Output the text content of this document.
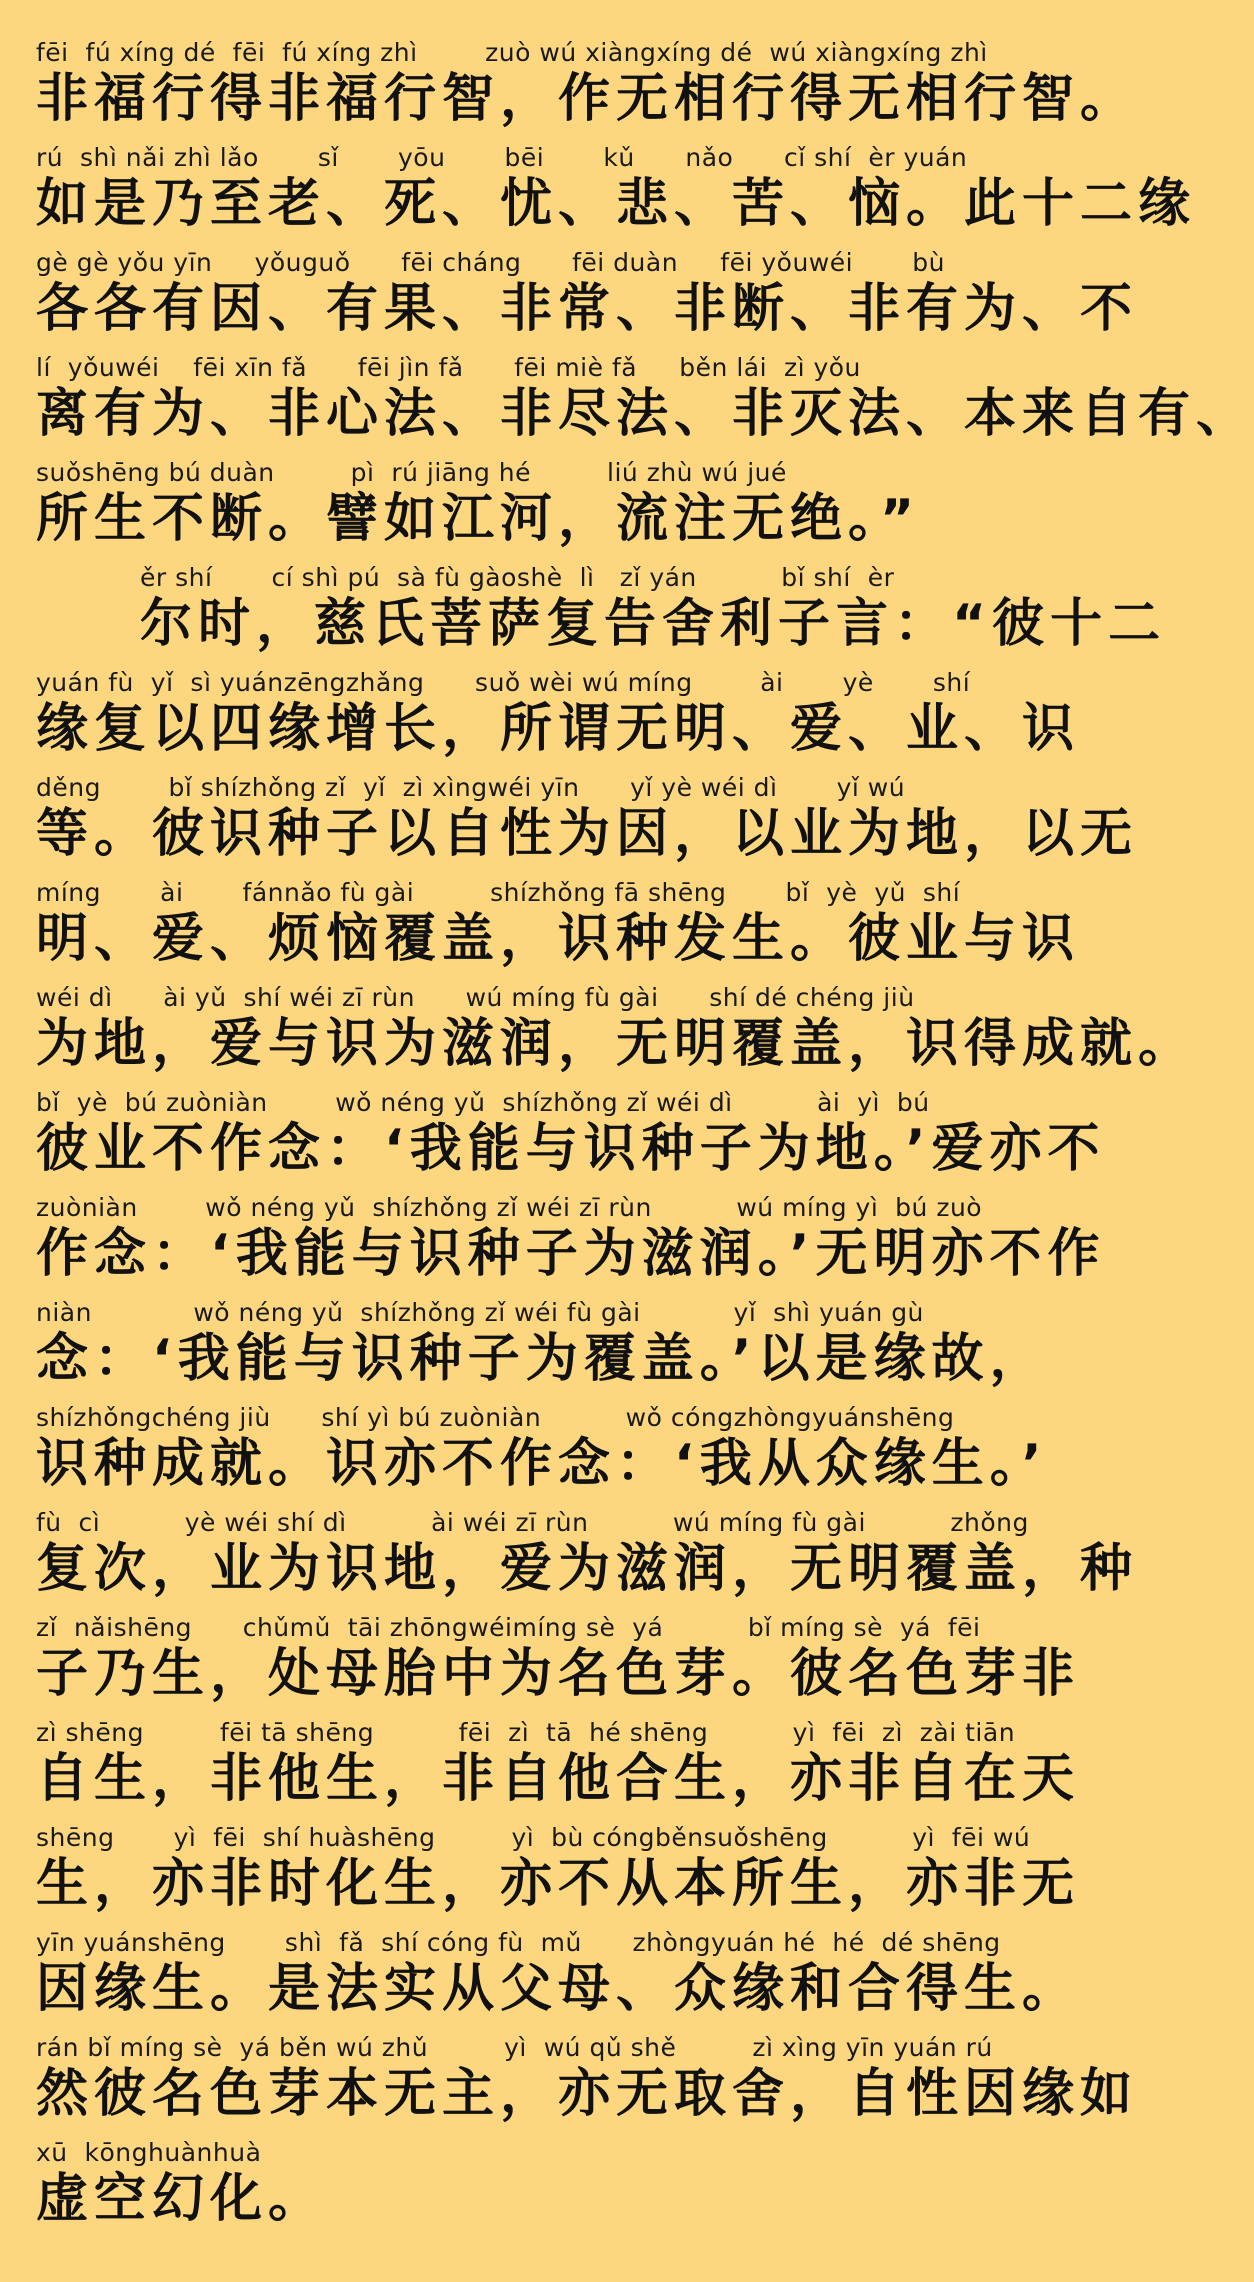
fēi  fú xíng dé  fēi  fú xíng zhì        zuò wú xiàngxíng dé  wú xiàngxíng zhì
非福行得非福行智，作无相行得无相行智。
rú  shì nǎi zhì lǎo       sǐ       yōu       bēi       kǔ      nǎo      cǐ shí  èr yuán
如是乃至老、死、忧、悲、苦、恼。此十二缘
gè gè yǒu yīn     yǒuguǒ      fēi cháng      fēi duàn     fēi yǒuwéi       bù
各各有因、有果、非常、非断、非有为、不
lí  yǒuwéi    fēi xīn fǎ      fēi jìn fǎ      fēi miè fǎ     běn lái  zì yǒu
离有为、非心法、非尽法、非灭法、本来自有、
suǒshēng bú duàn         pì  rú jiāng hé         liú zhù wú jué
所生不断。譬如江河，流注无绝。”
ěr shí       cí shì pú  sà fù gàoshè  lì   zǐ yán          bǐ shí  èr
尔时，慈氏菩萨复告舍利子言：“彼十二
yuán fù  yǐ  sì yuánzēngzhǎng      suǒ wèi wú míng        ài       yè       shí
缘复以四缘增长，所谓无明、爱、业、识
děng        bǐ shízhǒng zǐ  yǐ  zì xìngwéi yīn      yǐ yè wéi dì       yǐ wú
等。彼识种子以自性为因，以业为地，以无
míng       ài       fánnǎo fù gài         shízhǒng fā shēng       bǐ  yè  yǔ  shí
明、爱、烦恼覆盖，识种发生。彼业与识
wéi dì      ài yǔ  shí wéi zī rùn      wú míng fù gài      shí dé chéng jiù
为地，爱与识为滋润，无明覆盖，识得成就。
bǐ  yè  bú zuòniàn        wǒ néng yǔ  shízhǒng zǐ wéi dì          ài  yì  bú
彼业不作念：‘我能与识种子为地。’爱亦不
zuòniàn        wǒ néng yǔ  shízhǒng zǐ wéi zī rùn          wú míng yì  bú zuò
作念：‘我能与识种子为滋润。’无明亦不作
niàn            wǒ néng yǔ  shízhǒng zǐ wéi fù gài           yǐ  shì yuán gù
念：‘我能与识种子为覆盖。’以是缘故，
shízhǒngchéng jiù      shí yì bú zuòniàn          wǒ cóngzhòngyuánshēng
识种成就。识亦不作念：‘我从众缘生。’
fù  cì          yè wéi shí dì          ài wéi zī rùn          wú míng fù gài          zhǒng
复次，业为识地，爱为滋润，无明覆盖，种
zǐ  nǎishēng      chǔmǔ  tāi zhōngwéimíng sè  yá          bǐ míng sè  yá  fēi
子乃生，处母胎中为名色芽。彼名色芽非
zì shēng         fēi tā shēng          fēi  zì  tā  hé shēng          yì  fēi  zì  zài tiān
自生，非他生，非自他合生，亦非自在天
shēng       yì  fēi  shí huàshēng         yì  bù cóngběnsuǒshēng          yì  fēi wú
生，亦非时化生，亦不从本所生，亦非无
yīn yuánshēng       shì  fǎ  shí cóng fù  mǔ      zhòngyuán hé  hé  dé shēng
因缘生。是法实从父母、众缘和合得生。
rán bǐ míng sè  yá běn wú zhǔ         yì  wú qǔ shě         zì xìng yīn yuán rú
然彼名色芽本无主，亦无取舍，自性因缘如
xū  kōnghuànhuà
虚空幻化。
